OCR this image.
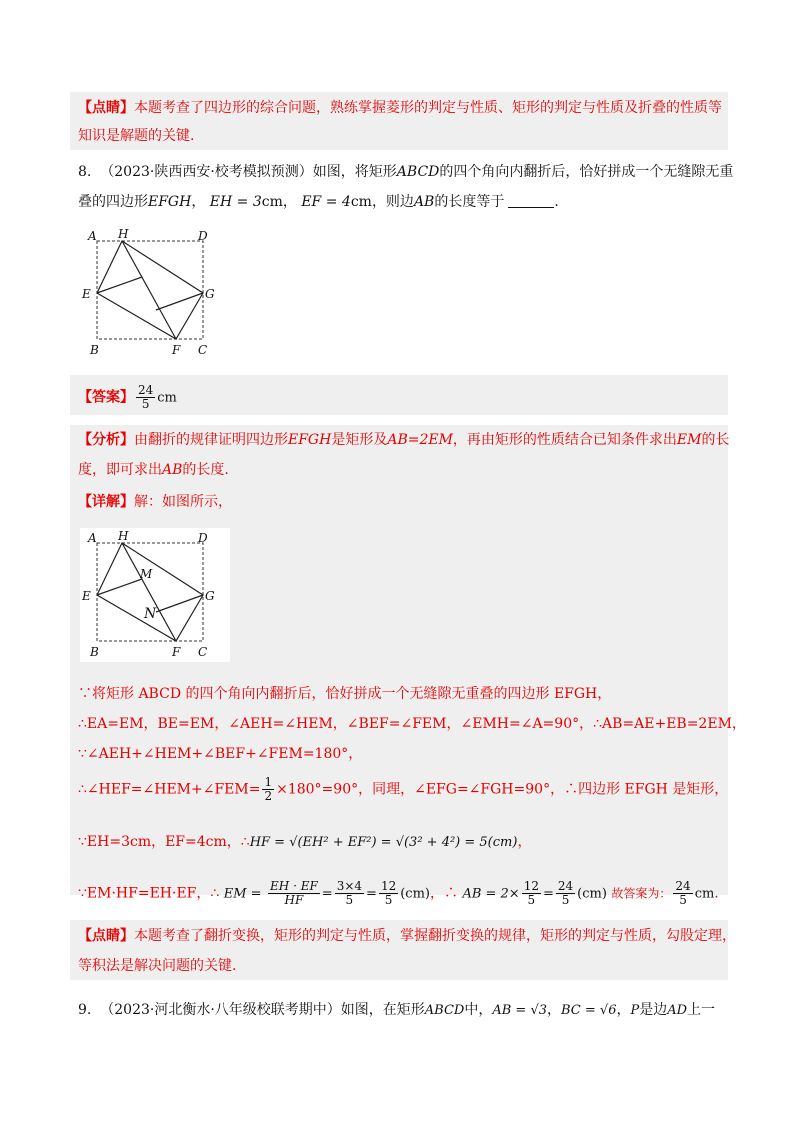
【点睛】本题考查了四边形的综合问题，熟练掌握菱形的判定与性质、矩形的判定与性质及折叠的性质等
知识是解题的关键.
8. （2023·陕西西安·校考模拟预测）如图，将矩形ABCD的四个角向内翻折后，恰好拼成一个无缝隙无重
叠的四边形EFGH， EH = 3cm， EF = 4cm，则边AB的长度等于	.
A H	D
E	G
B	F C
【答案】 $\frac{24}{5}$ cm
【分析】由翻折的规律证明四边形EFGH是矩形及AB=2EM，再由矩形的性质结合已知条件求出EM的长
度，即可求出AB的长度.
【详解】解：如图所示，
A H	D
E	G
B	F C
M
N
∵将矩形 ABCD 的四个角向内翻折后，恰好拼成一个无缝隙无重叠的四边形 EFGH，
∴EA=EM，BE=EM，∠AEH=∠HEM，∠BEF=∠FEM，∠EMH=∠A=90°，∴AB=AE+EB=2EM，
∵∠AEH+∠HEM+∠BEF+∠FEM=180°，
∴∠HEF=∠HEM+∠FEM= $\frac{1}{2} \times 180^\circ=90^\circ$，同理，∠EFG=∠FGH=90°，∴四边形 EFGH 是矩形，
∵EH=3cm，EF=4cm，∴HF = √(EH² + EF²) = √(3² + 4²) = 5(cm)，
∵EM·HF=EH·EF，∴ EM = $\frac{EH \cdot EF}{HF} = \frac{3\times 4}{5} = \frac{12}{5} (cm)$，∴ AB = $2\times \frac{12}{5} = \frac{24}{5} (cm)$ 故答案为： $\frac{24}{5}$ cm.
【点睛】本题考查了翻折变换，矩形的判定与性质，掌握翻折变换的规律，矩形的判定与性质，勾股定理，
等积法是解决问题的关键.
9. （2023·河北衡水·八年级校联考期中）如图，在矩形ABCD中，AB = √3，BC = √6，P是边AD上一
